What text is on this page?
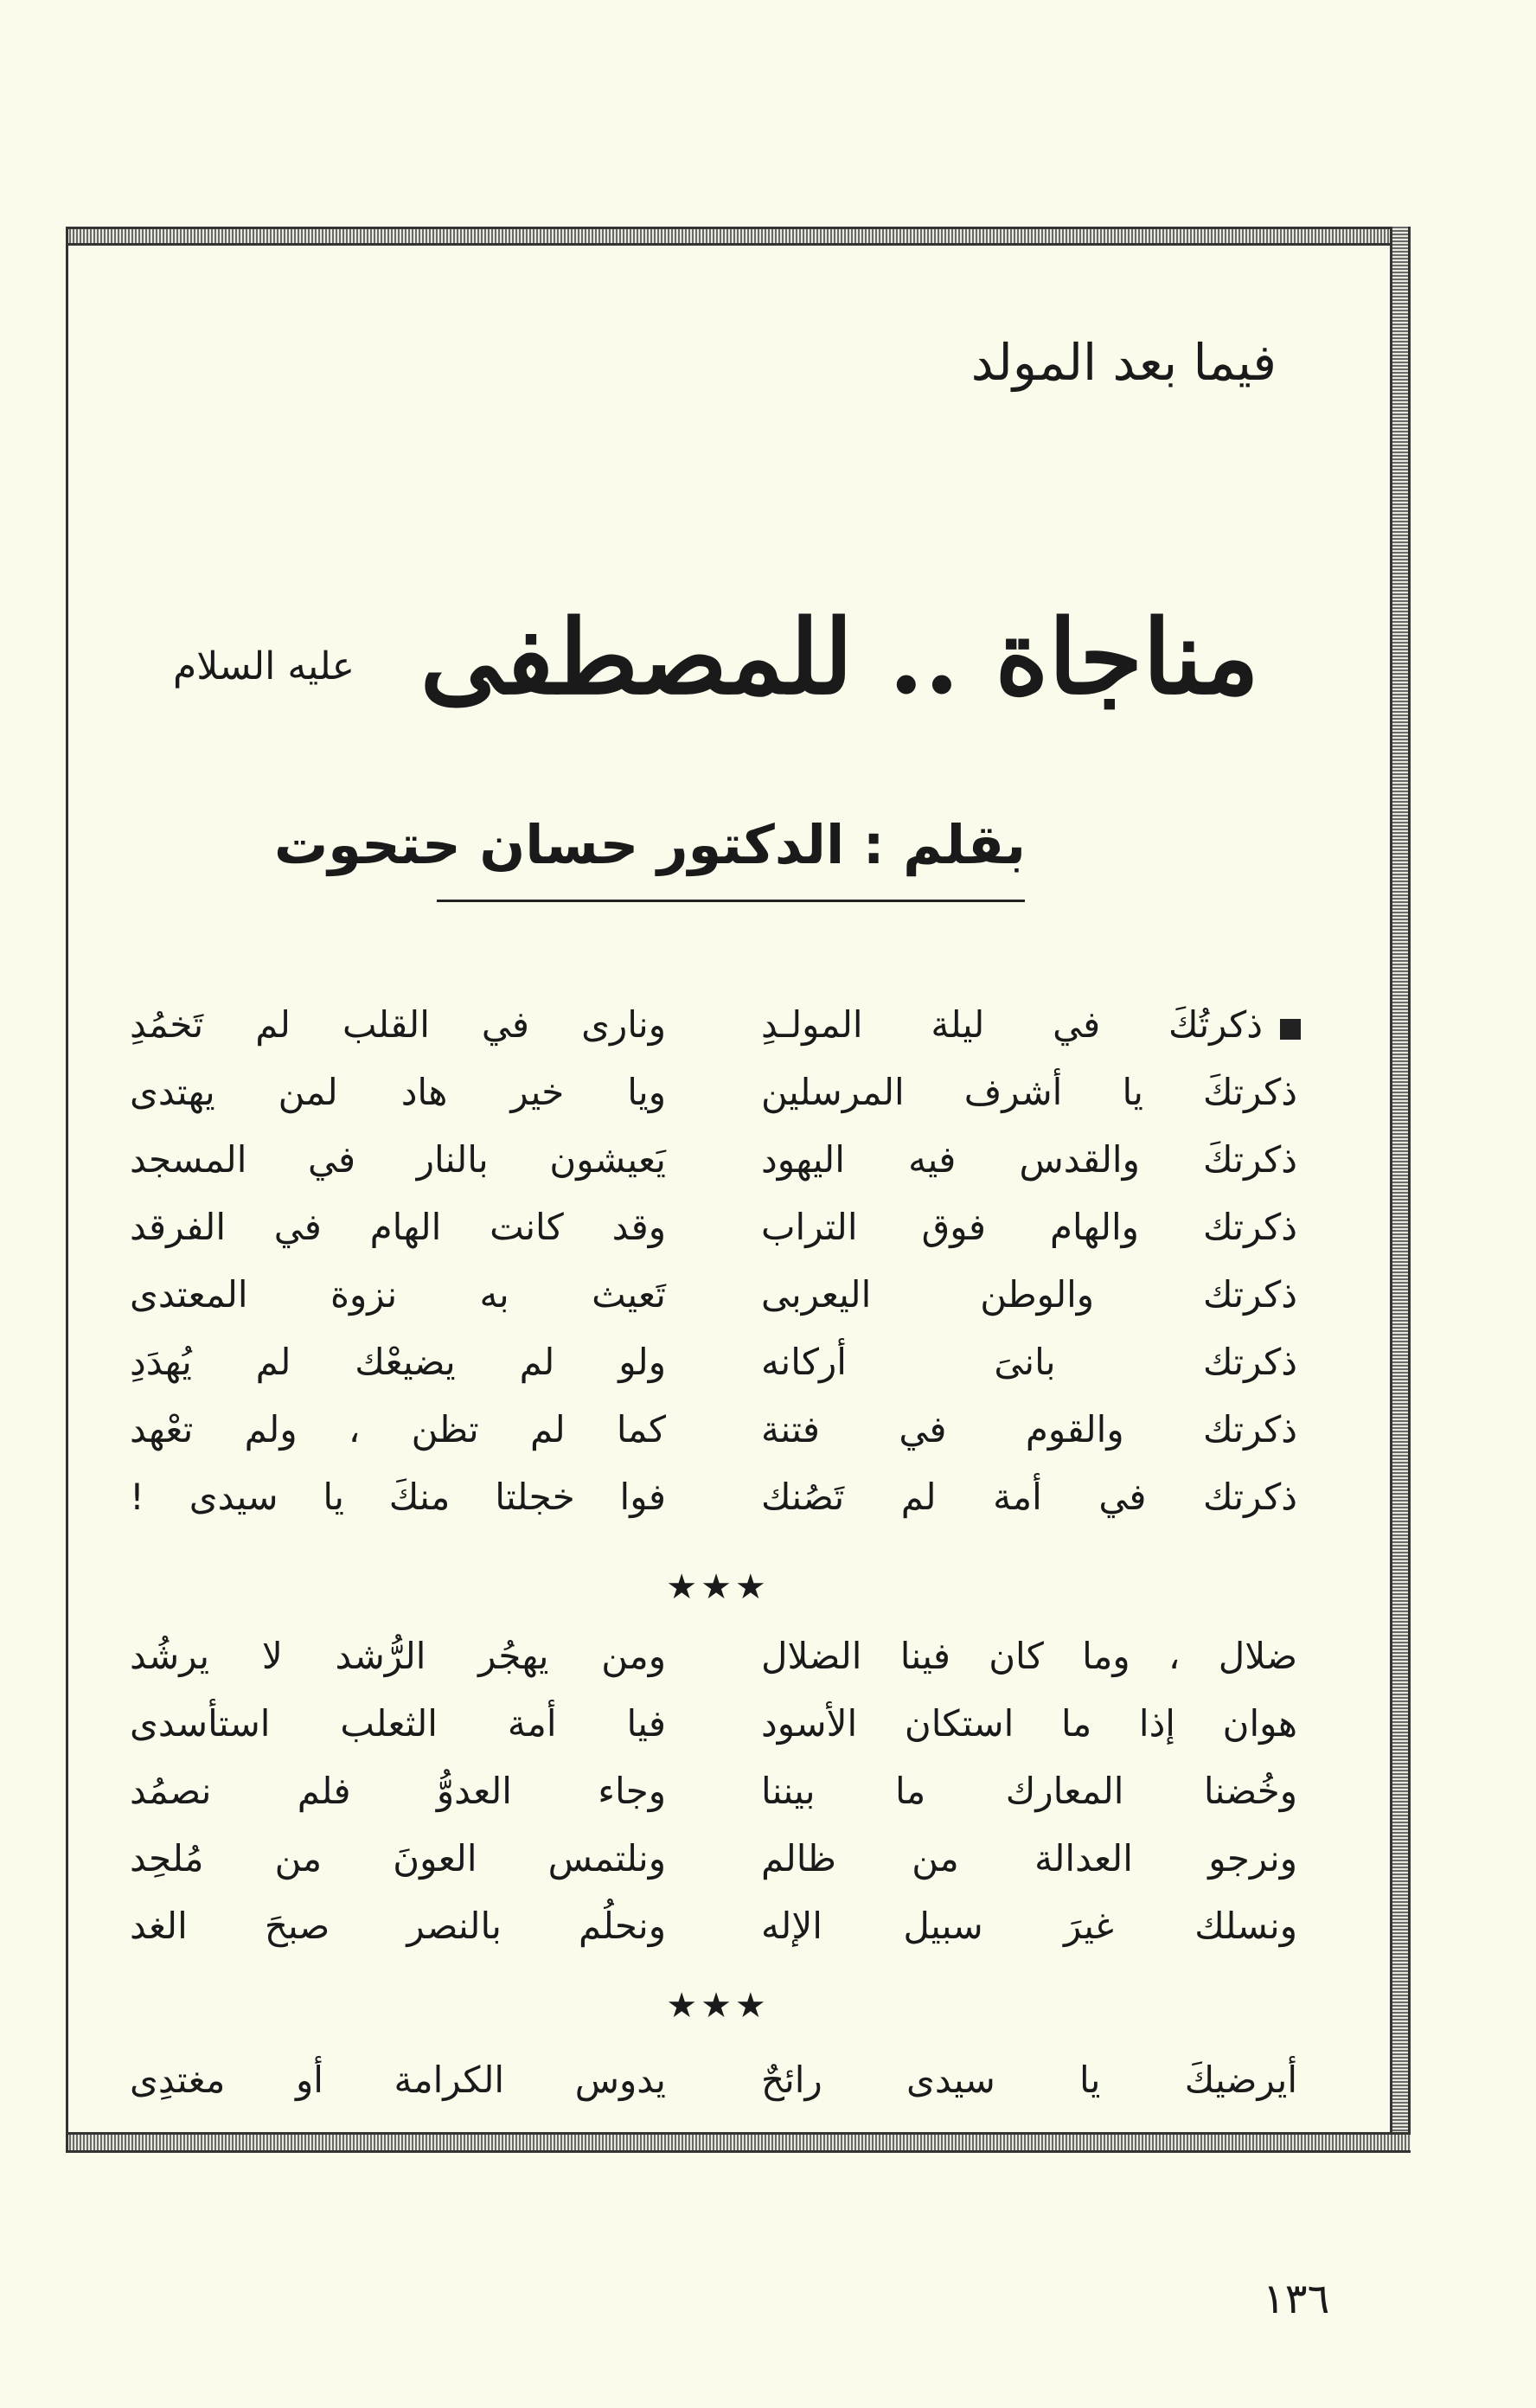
فيما بعد المولد
مناجاة .. للمصطفى
عليه السلام
بقلم : الدكتور حسان حتحوت
ذكرتُكَ في ليلة المولـدِ
ونارى في القلب لم تَخمُدِ
ذكرتكَ يا أشرف المرسلين
ويا خير هاد لمن يهتدى
ذكرتكَ والقدس فيه اليهود
يَعيشون بالنار في المسجد
ذكرتك والهام فوق التراب
وقد كانت الهام في الفرقد
ذكرتك والوطن اليعربى
تَعيث به نزوة المعتدى
ذكرتك بانىَ أركانه
ولو لم يضيعْك لم يُهدَدِ
ذكرتك والقوم في فتنة
كما لم تظن ، ولم تعْهد
ذكرتك في أمة لم تَصُنك
فوا خجلتا منكَ يا سيدى !
★★★
ضلال ، وما كان فينا الضلال
ومن يهجُر الرُّشد لا يرشُد
هوان إذا ما استكان الأسود
فيا أمة الثعلب استأسدى
وخُضنا المعارك ما بيننا
وجاء العدوُّ فلم نصمُد
ونرجو العدالة من ظالم
ونلتمس العونَ من مُلحِد
ونسلك غيرَ سبيل الإله
ونحلُم بالنصر صبحَ الغد
★★★
أيرضيكَ يا سيدى رائحٌ
يدوس الكرامة أو مغتدِى
١٣٦
